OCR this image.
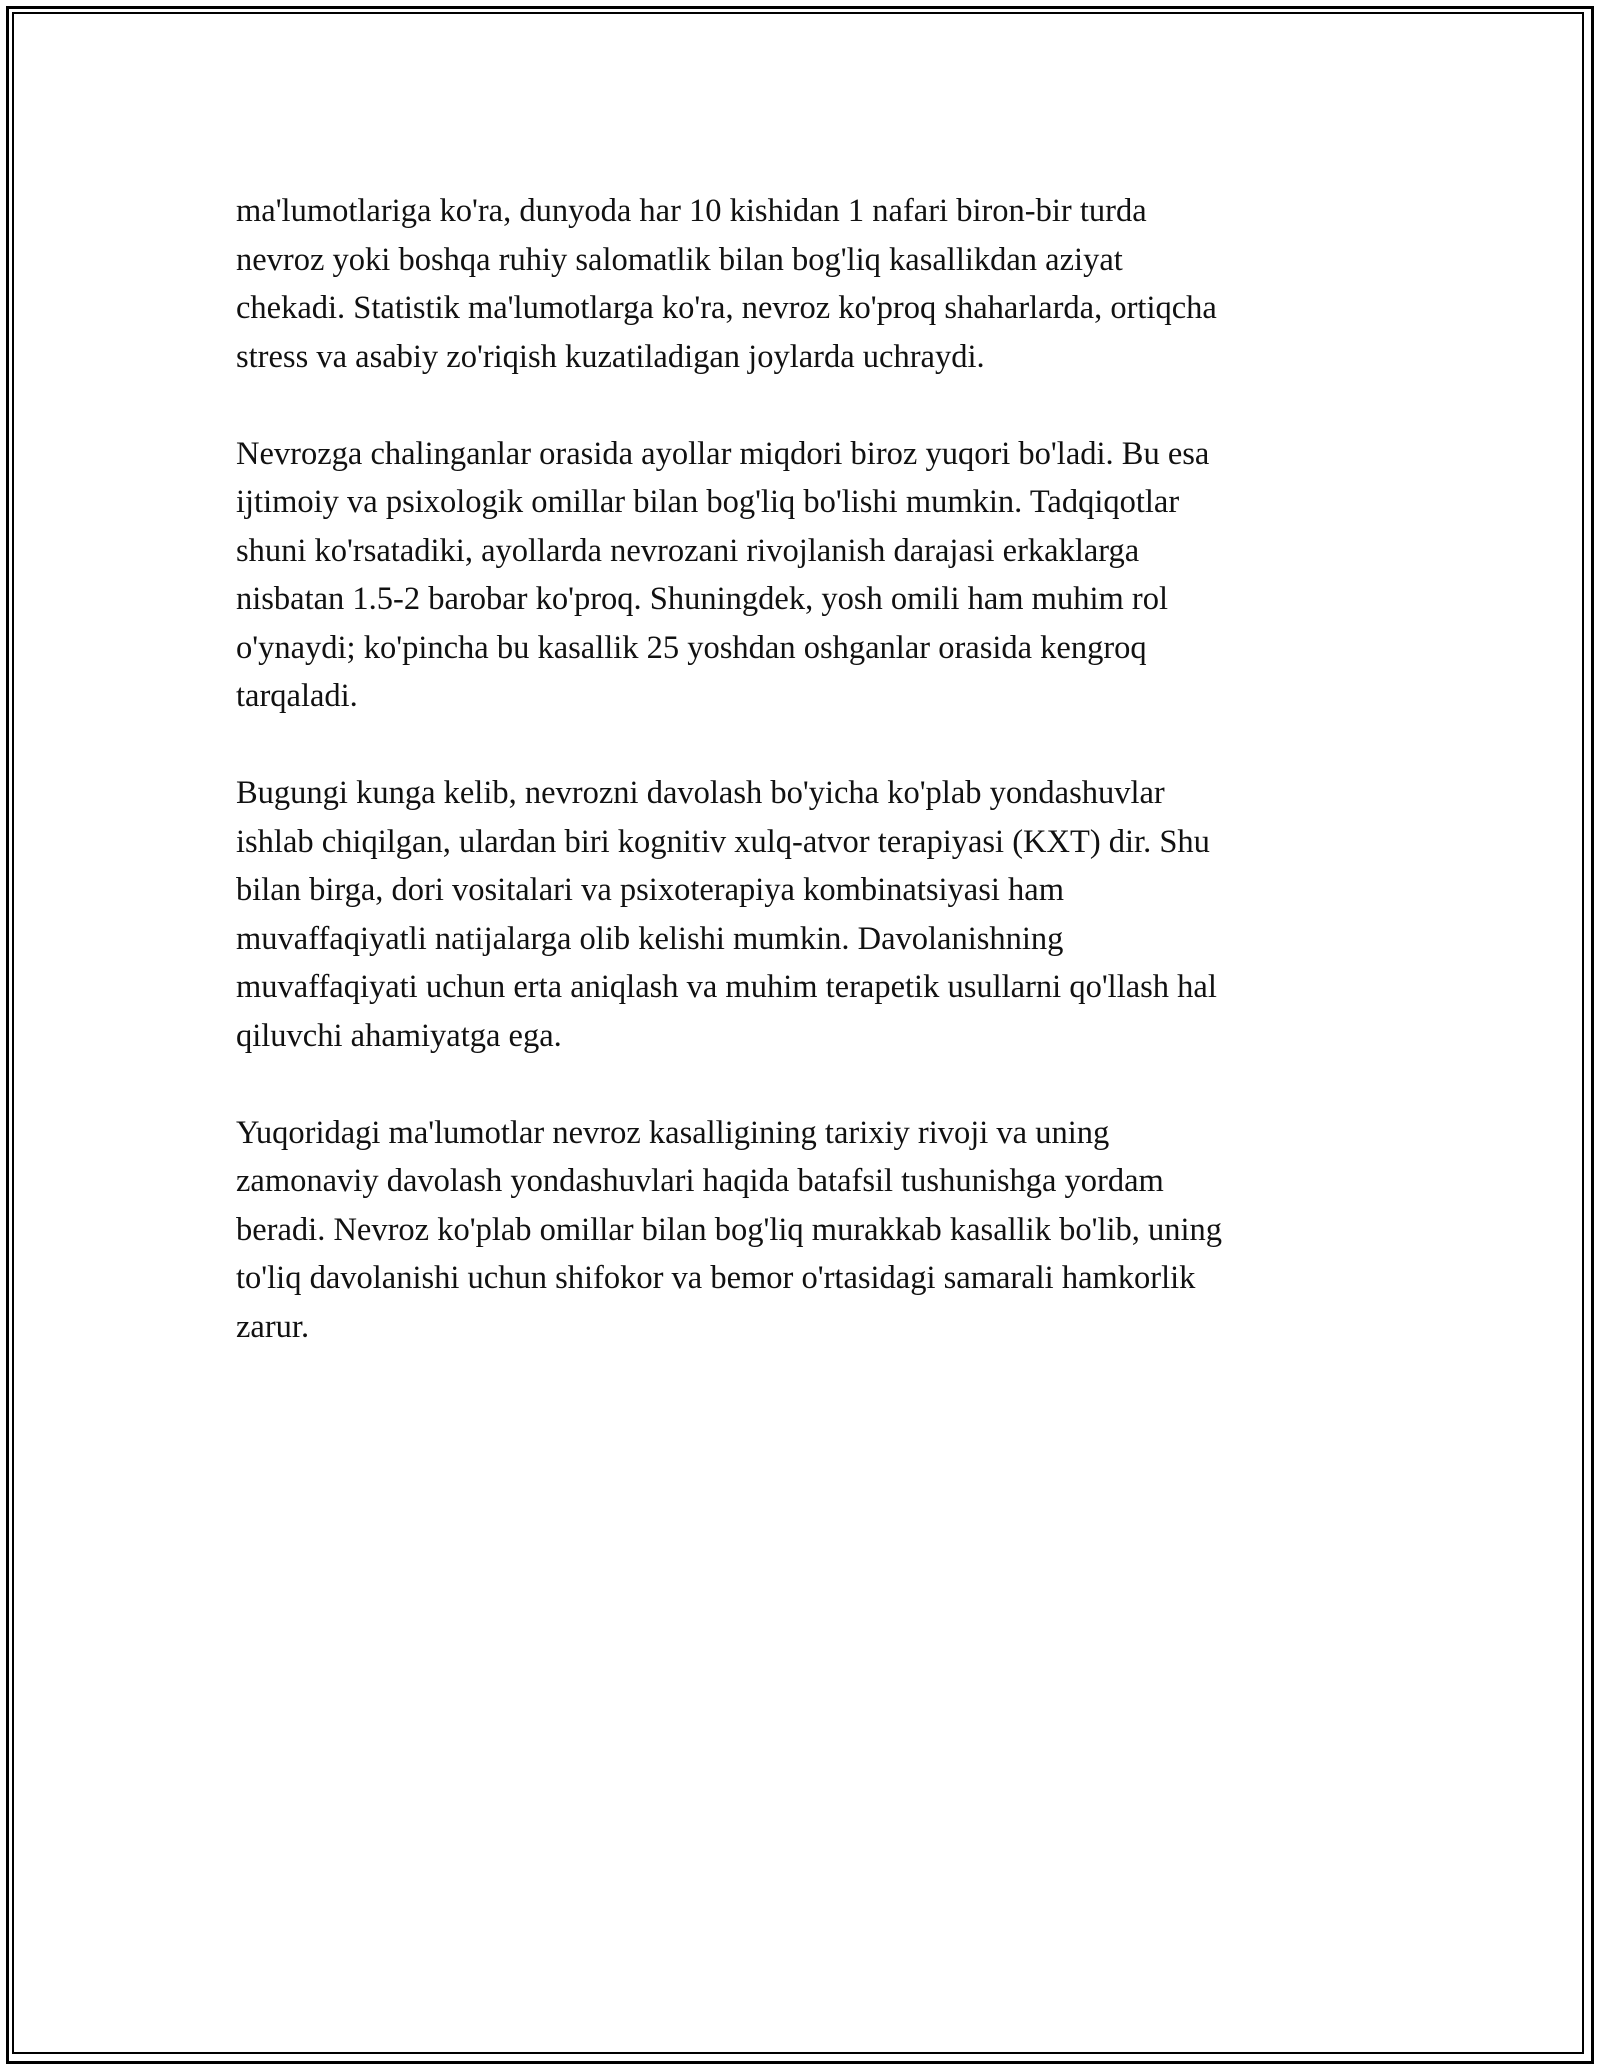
ma'lumotlariga ko'ra, dunyoda har 10 kishidan 1 nafari biron-bir turda
nevroz yoki boshqa ruhiy salomatlik bilan bog'liq kasallikdan aziyat
chekadi. Statistik ma'lumotlarga ko'ra, nevroz ko'proq shaharlarda, ortiqcha
stress va asabiy zo'riqish kuzatiladigan joylarda uchraydi.

Nevrozga chalinganlar orasida ayollar miqdori biroz yuqori bo'ladi. Bu esa
ijtimoiy va psixologik omillar bilan bog'liq bo'lishi mumkin. Tadqiqotlar
shuni ko'rsatadiki, ayollarda nevrozani rivojlanish darajasi erkaklarga
nisbatan 1.5-2 barobar ko'proq. Shuningdek, yosh omili ham muhim rol
o'ynaydi; ko'pincha bu kasallik 25 yoshdan oshganlar orasida kengroq
tarqaladi.

Bugungi kunga kelib, nevrozni davolash bo'yicha ko'plab yondashuvlar
ishlab chiqilgan, ulardan biri kognitiv xulq-atvor terapiyasi (KXT) dir. Shu
bilan birga, dori vositalari va psixoterapiya kombinatsiyasi ham
muvaffaqiyatli natijalarga olib kelishi mumkin. Davolanishning
muvaffaqiyati uchun erta aniqlash va muhim terapetik usullarni qo'llash hal
qiluvchi ahamiyatga ega.

Yuqoridagi ma'lumotlar nevroz kasalligining tarixiy rivoji va uning
zamonaviy davolash yondashuvlari haqida batafsil tushunishga yordam
beradi. Nevroz ko'plab omillar bilan bog'liq murakkab kasallik bo'lib, uning
to'liq davolanishi uchun shifokor va bemor o'rtasidagi samarali hamkorlik
zarur.
